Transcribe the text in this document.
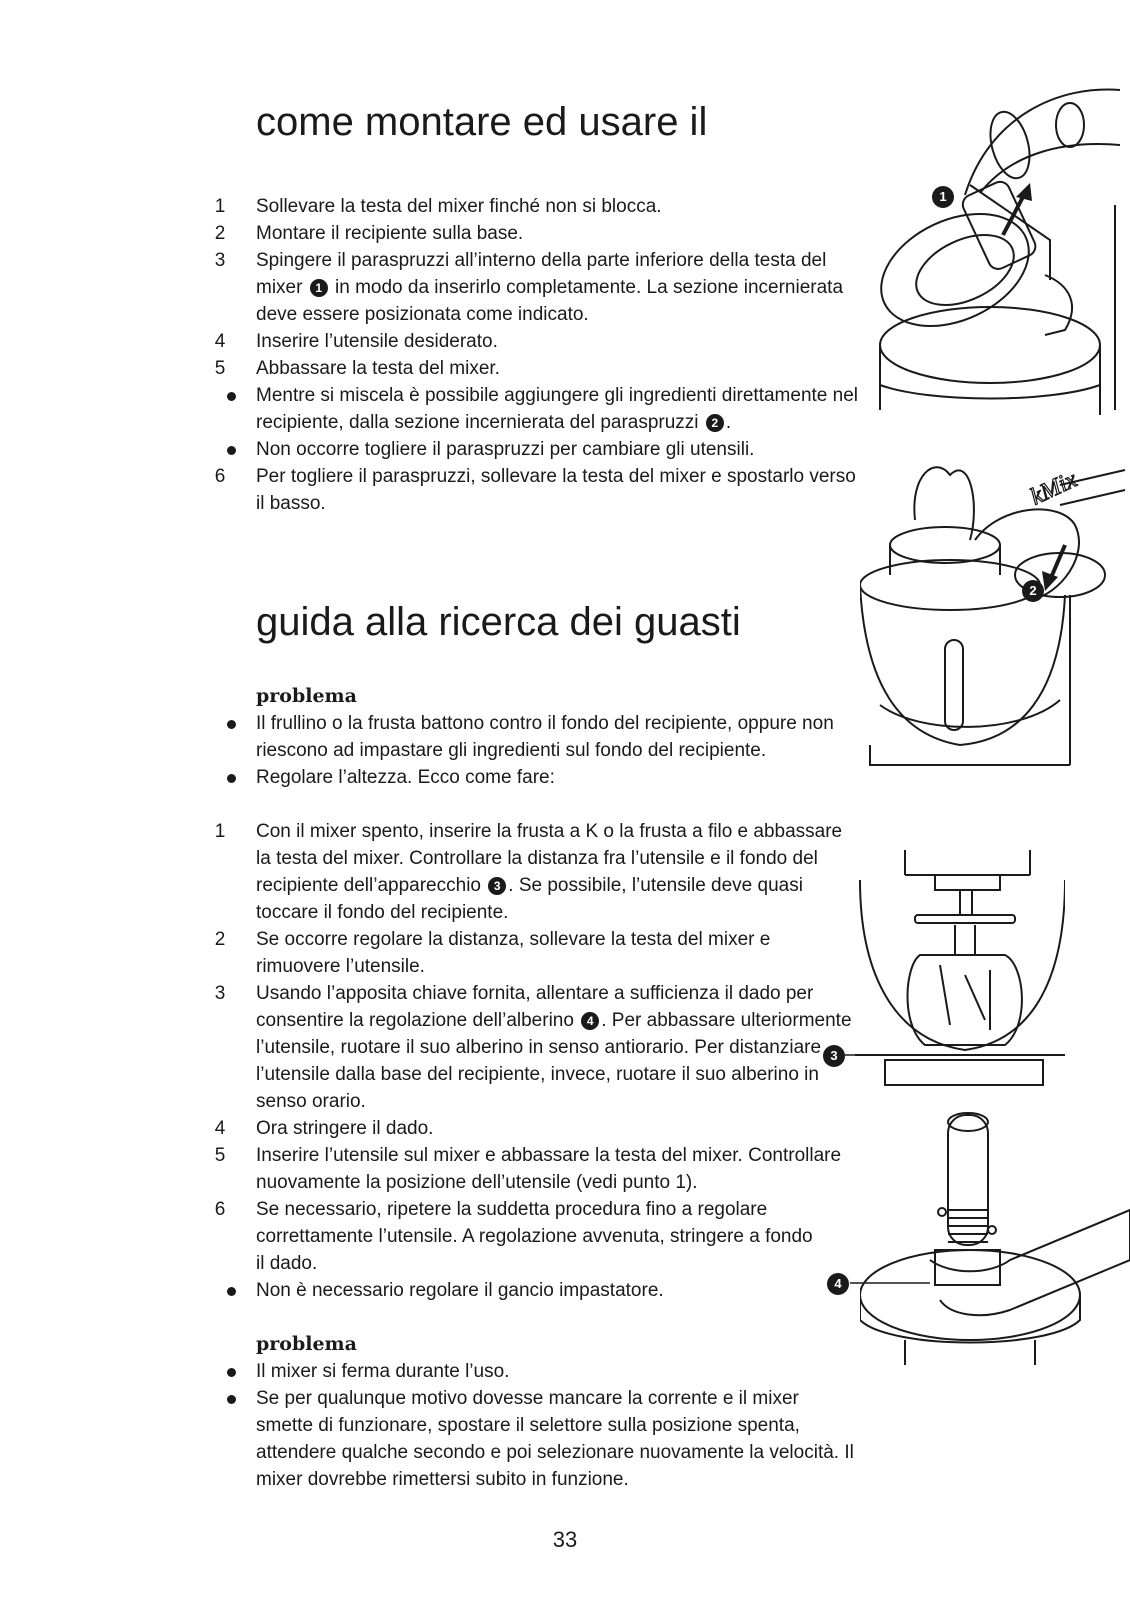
come montare ed usare il
1	Sollevare la testa del mixer finché non si blocca.
2	Montare il recipiente sulla base.
3	Spingere il paraspruzzi all’interno della parte inferiore della testa del mixer 1 in modo da inserirlo completamente. La sezione incernierata deve essere posizionata come indicato.
4	Inserire l’utensile desiderato.
5	Abbassare la testa del mixer.
Mentre si miscela è possibile aggiungere gli ingredienti direttamente nel recipiente, dalla sezione incernierata del paraspruzzi 2 .
Non occorre togliere il paraspruzzi per cambiare gli utensili.
6	Per togliere il paraspruzzi, sollevare la testa del mixer e spostarlo verso il basso.
guida alla ricerca dei guasti
problema
Il frullino o la frusta battono contro il fondo del recipiente, oppure non riescono ad impastare gli ingredienti sul fondo del recipiente.
Regolare l’altezza. Ecco come fare:
1	Con il mixer spento, inserire la frusta a K o la frusta a filo e abbassare la testa del mixer. Controllare la distanza fra l’utensile e il fondo del recipiente dell’apparecchio 3 . Se possibile, l’utensile deve quasi toccare il fondo del recipiente.
2	Se occorre regolare la distanza, sollevare la testa del mixer e rimuovere l’utensile.
3	Usando l’apposita chiave fornita, allentare a sufficienza il dado per consentire la regolazione dell’alberino 4 . Per abbassare ulteriormente l’utensile, ruotare il suo alberino in senso antiorario. Per distanziare l’utensile dalla base del recipiente, invece, ruotare il suo alberino in senso orario.
4	Ora stringere il dado.
5	Inserire l’utensile sul mixer e abbassare la testa del mixer. Controllare nuovamente la posizione dell’utensile (vedi punto 1).
6	Se necessario, ripetere la suddetta procedura fino a regolare correttamente l’utensile. A regolazione avvenuta, stringere a fondo il dado.
Non è necessario regolare il gancio impastatore.
problema
Il mixer si ferma durante l’uso.
Se per qualunque motivo dovesse mancare la corrente e il mixer smette di funzionare, spostare il selettore sulla posizione spenta, attendere qualche secondo e poi selezionare nuovamente la velocità. Il mixer dovrebbe rimettersi subito in funzione.
33
1
kMix
2
3
4
